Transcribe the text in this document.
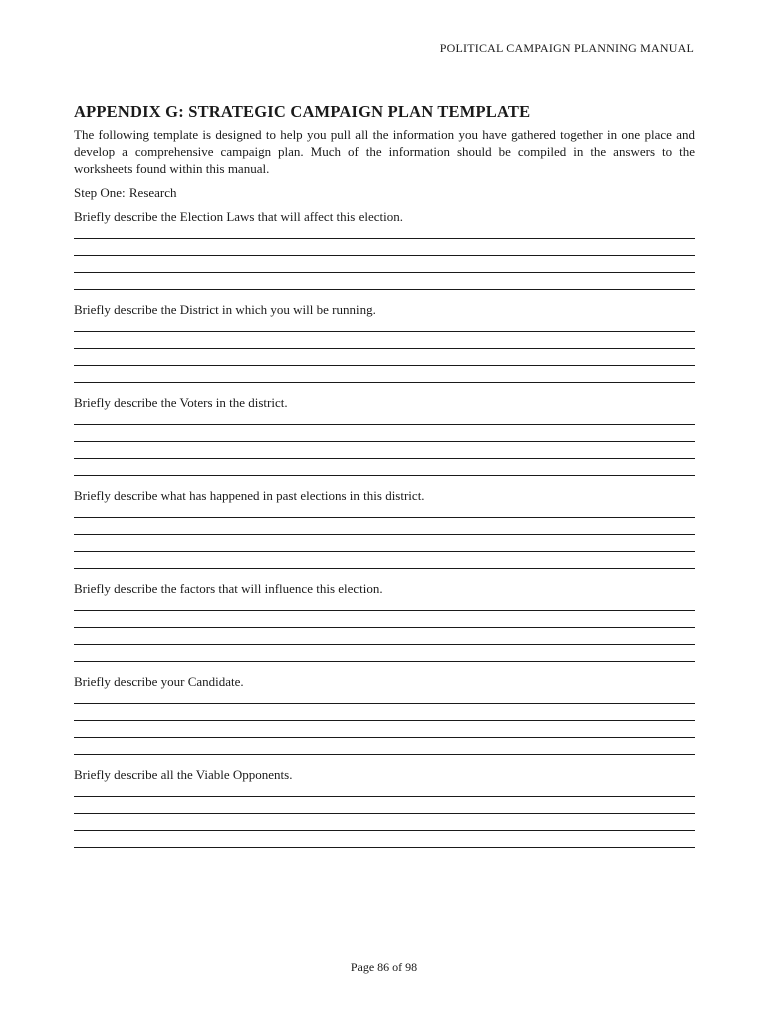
POLITICAL CAMPAIGN PLANNING MANUAL
APPENDIX G: STRATEGIC CAMPAIGN PLAN TEMPLATE

The following template is designed to help you pull all the information you have gathered together in one place and develop a comprehensive campaign plan. Much of the information should be compiled in the answers to the worksheets found within this manual.

Step One: Research

Briefly describe the Election Laws that will affect this election.

Briefly describe the District in which you will be running.

Briefly describe the Voters in the district.

Briefly describe what has happened in past elections in this district.

Briefly describe the factors that will influence this election.

Briefly describe your Candidate.

Briefly describe all the Viable Opponents.

Page 86 of 98
